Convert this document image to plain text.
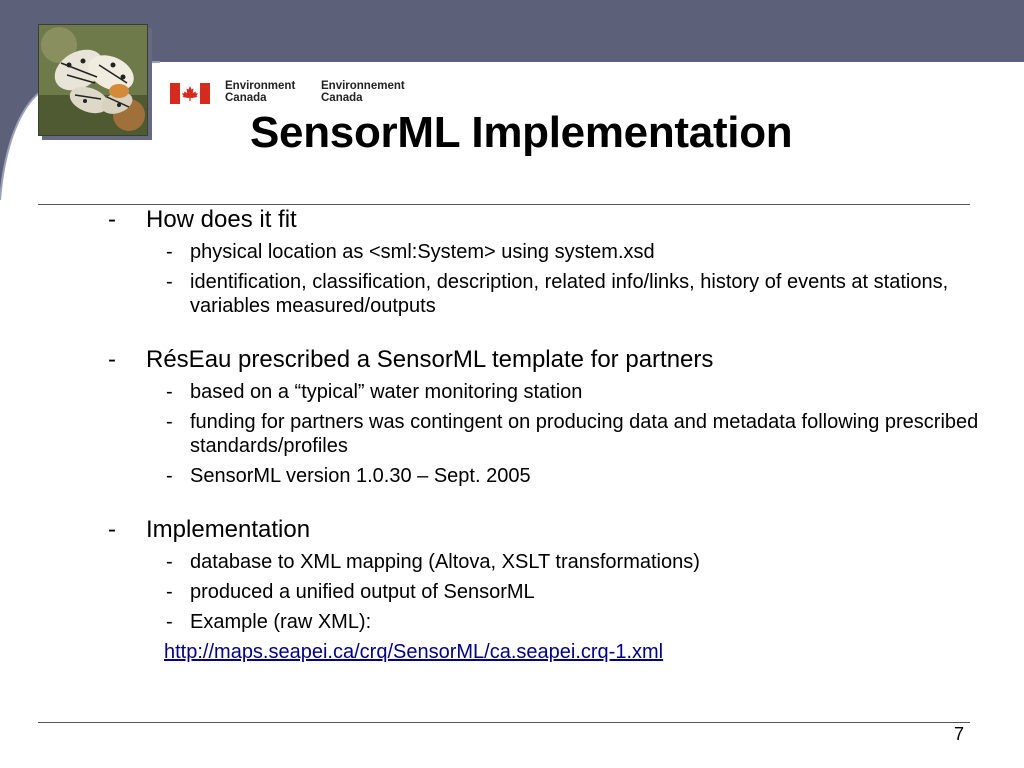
Environment
Canada
Environnement
Canada
SensorML Implementation
- How does it fit
- physical location as <sml:System> using system.xsd
- identification, classification, description, related info/links, history of events at stations, variables measured/outputs
- RésEau prescribed a SensorML template for partners
- based on a “typical” water monitoring station
- funding for partners was contingent on producing data and metadata following prescribed standards/profiles
- SensorML version 1.0.30 – Sept. 2005
- Implementation
- database to XML mapping (Altova, XSLT transformations)
- produced a unified output of SensorML
- Example (raw XML):
http://maps.seapei.ca/crq/SensorML/ca.seapei.crq-1.xml
7
